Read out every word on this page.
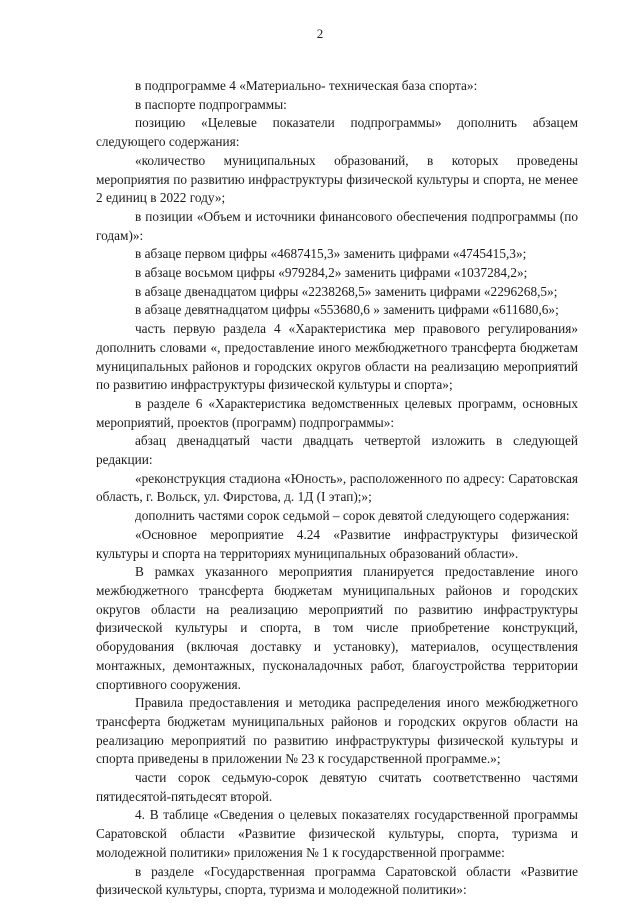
2

в подпрограмме 4 «Материально- техническая база спорта»:

в паспорте подпрограммы:

позицию «Целевые показатели подпрограммы» дополнить абзацем следующего содержания:

«количество муниципальных образований, в которых проведены мероприятия по развитию инфраструктуры физической культуры и спорта, не менее 2 единиц в 2022 году»;

в позиции «Объем и источники финансового обеспечения подпрограммы (по годам)»:

в абзаце первом цифры «4687415,3» заменить цифрами «4745415,3»;

в абзаце восьмом цифры «979284,2» заменить цифрами «1037284,2»;

в абзаце двенадцатом цифры «2238268,5» заменить цифрами «2296268,5»;

в абзаце девятнадцатом цифры «553680,6 » заменить цифрами «611680,6»;

часть первую раздела 4 «Характеристика мер правового регулирования» дополнить словами «, предоставление иного межбюджетного трансферта бюджетам муниципальных районов и городских округов области на реализацию мероприятий по развитию инфраструктуры физической культуры и спорта»;

в разделе 6 «Характеристика ведомственных целевых программ, основных мероприятий, проектов (программ) подпрограммы»:

абзац двенадцатый части двадцать четвертой изложить в следующей редакции:

«реконструкция стадиона «Юность», расположенного по адресу: Саратовская область, г. Вольск, ул. Фирстова, д. 1Д (I этап);»;

дополнить частями сорок седьмой – сорок девятой следующего содержания:

«Основное мероприятие 4.24 «Развитие инфраструктуры физической культуры и спорта на территориях муниципальных образований области».

В рамках указанного мероприятия планируется предоставление иного межбюджетного трансферта бюджетам муниципальных районов и городских округов области на реализацию мероприятий по развитию инфраструктуры физической культуры и спорта, в том числе приобретение конструкций, оборудования (включая доставку и установку), материалов, осуществления монтажных, демонтажных, пусконаладочных работ, благоустройства территории спортивного сооружения.

Правила предоставления и методика распределения иного межбюджетного трансферта бюджетам муниципальных районов и городских округов области на реализацию мероприятий по развитию инфраструктуры физической культуры и спорта приведены в приложении № 23 к государственной программе.»;

части сорок седьмую-сорок девятую считать соответственно частями пятидесятой-пятьдесят второй.

4. В таблице «Сведения о целевых показателях государственной программы Саратовской области «Развитие физической культуры, спорта, туризма и молодежной политики» приложения № 1 к государственной программе:

в разделе «Государственная программа Саратовской области «Развитие физической культуры, спорта, туризма и молодежной политики»:
